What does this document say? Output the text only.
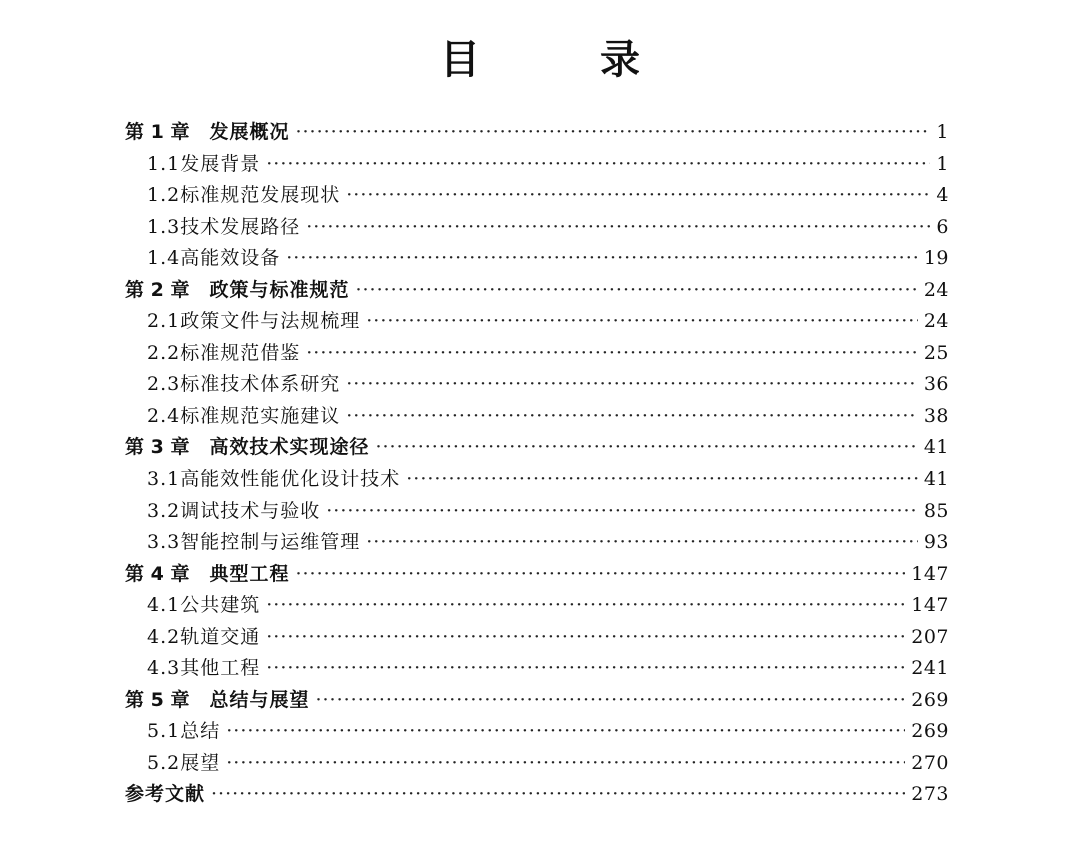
目　录
第 1 章 发展概况 ·····	1
1.1 发展背景 ·····	1
1.2 标准规范发展现状 ·····	4
1.3 技术发展路径 ·····	6
1.4 高能效设备 ·····	19
第 2 章 政策与标准规范 ·····	24
2.1 政策文件与法规梳理 ·····	24
2.2 标准规范借鉴 ·····	25
2.3 标准技术体系研究 ·····	36
2.4 标准规范实施建议 ·····	38
第 3 章 高效技术实现途径 ·····	41
3.1 高能效性能优化设计技术 ·····	41
3.2 调试技术与验收 ·····	85
3.3 智能控制与运维管理 ·····	93
第 4 章 典型工程 ·····	147
4.1 公共建筑 ·····	147
4.2 轨道交通 ·····	207
4.3 其他工程 ·····	241
第 5 章 总结与展望 ·····	269
5.1 总结 ·····	269
5.2 展望 ·····	270
参考文献 ·····	273
